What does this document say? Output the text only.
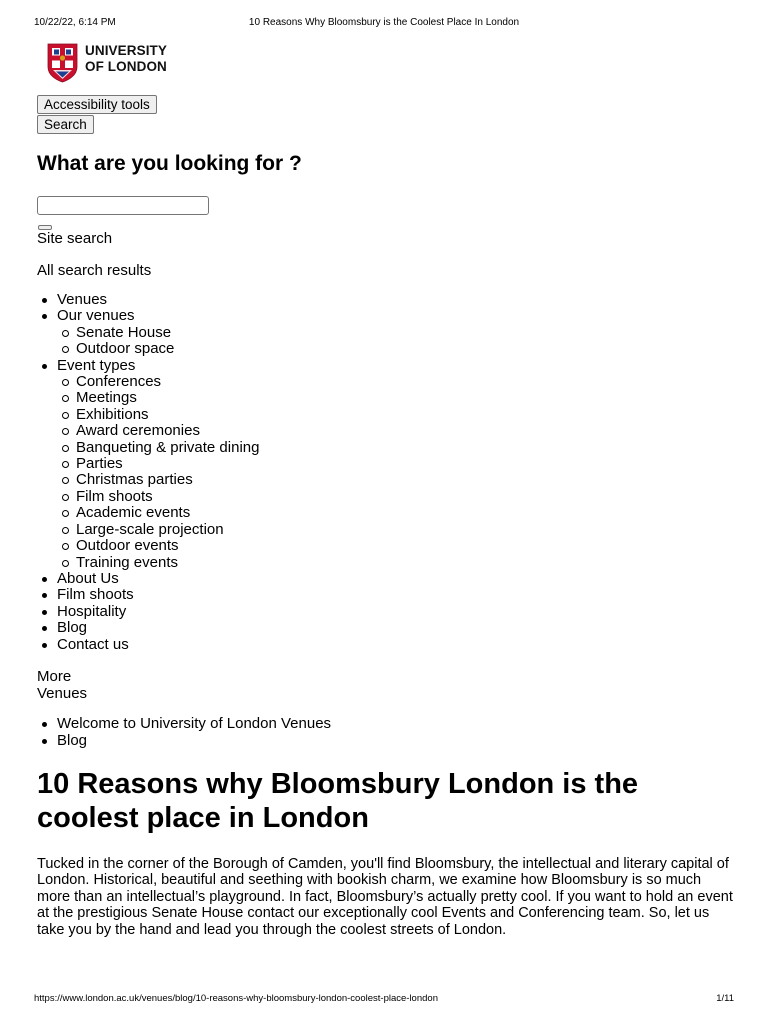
10/22/22, 6:14 PM	10 Reasons Why Bloomsbury is the Coolest Place In London
UNIVERSITY
OF LONDON
Accessibility tools
Search
What are you looking for ?
Site search
All search results
Venues
Our venues
Senate House
Outdoor space
Event types
Conferences
Meetings
Exhibitions
Award ceremonies
Banqueting & private dining
Parties
Christmas parties
Film shoots
Academic events
Large-scale projection
Outdoor events
Training events
About Us
Film shoots
Hospitality
Blog
Contact us
More
Venues
Welcome to University of London Venues
Blog
10 Reasons why Bloomsbury London is the coolest place in London

Tucked in the corner of the Borough of Camden, you'll find Bloomsbury, the intellectual and literary capital of London. Historical, beautiful and seething with bookish charm, we examine how Bloomsbury is so much more than an intellectual’s playground. In fact, Bloomsbury’s actually pretty cool. If you want to hold an event at the prestigious Senate House contact our exceptionally cool Events and Conferencing team. So, let us take you by the hand and lead you through the coolest streets of London.

https://www.london.ac.uk/venues/blog/10-reasons-why-bloomsbury-london-coolest-place-london	1/11
